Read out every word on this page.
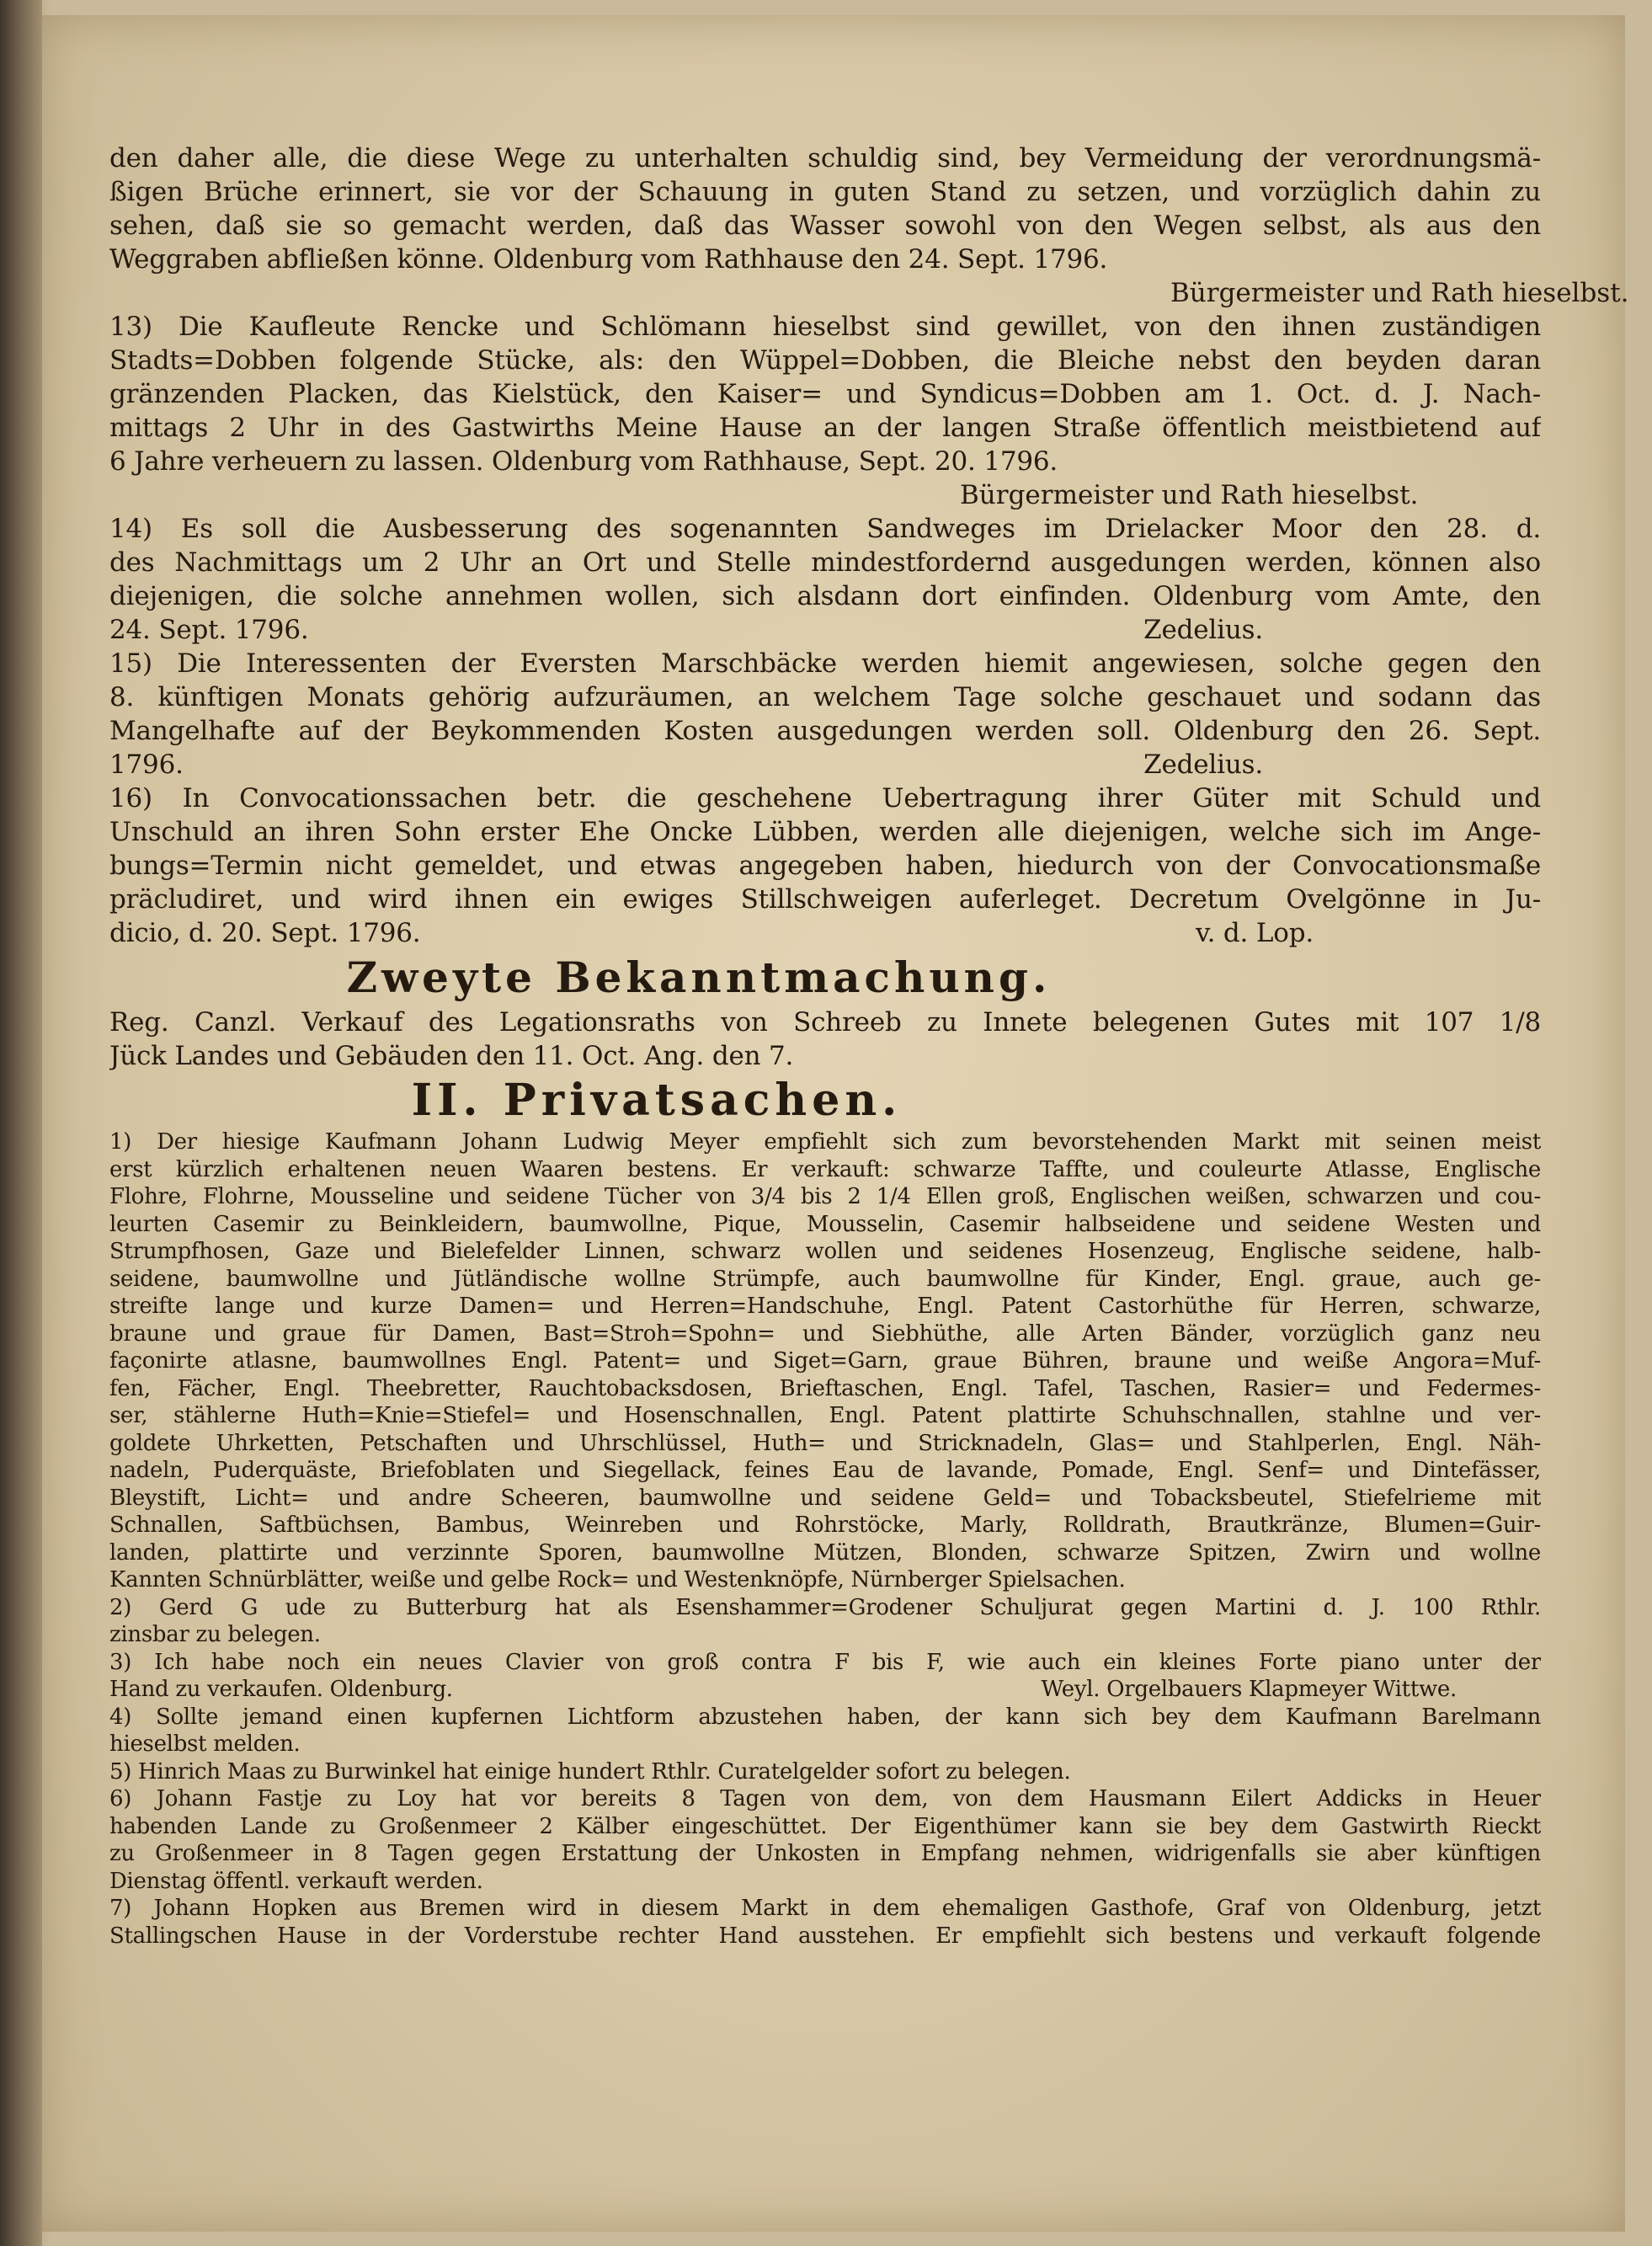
den daher alle, die diese Wege zu unterhalten schuldig sind, bey Vermeidung der verordnungsmä-
ßigen Brüche erinnert, sie vor der Schauung in guten Stand zu setzen, und vorzüglich dahin zu
sehen, daß sie so gemacht werden, daß das Wasser sowohl von den Wegen selbst, als aus den
Weggraben abfließen könne. Oldenburg vom Rathhause den 24. Sept. 1796.
Bürgermeister und Rath hieselbst.
13) Die Kaufleute Rencke und Schlömann hieselbst sind gewillet, von den ihnen zuständigen
Stadts=Dobben folgende Stücke, als: den Wüppel=Dobben, die Bleiche nebst den beyden daran
gränzenden Placken, das Kielstück, den Kaiser= und Syndicus=Dobben am 1. Oct. d. J. Nach-
mittags 2 Uhr in des Gastwirths Meine Hause an der langen Straße öffentlich meistbietend auf
6 Jahre verheuern zu lassen. Oldenburg vom Rathhause, Sept. 20. 1796.
Bürgermeister und Rath hieselbst.
14) Es soll die Ausbesserung des sogenannten Sandweges im Drielacker Moor den 28. d.
des Nachmittags um 2 Uhr an Ort und Stelle mindestfordernd ausgedungen werden, können also
diejenigen, die solche annehmen wollen, sich alsdann dort einfinden. Oldenburg vom Amte, den
24. Sept. 1796.	Zedelius.
15) Die Interessenten der Eversten Marschbäcke werden hiemit angewiesen, solche gegen den
8. künftigen Monats gehörig aufzuräumen, an welchem Tage solche geschauet und sodann das
Mangelhafte auf der Beykommenden Kosten ausgedungen werden soll. Oldenburg den 26. Sept.
1796.	Zedelius.
16) In Convocationssachen betr. die geschehene Uebertragung ihrer Güter mit Schuld und
Unschuld an ihren Sohn erster Ehe Oncke Lübben, werden alle diejenigen, welche sich im Ange-
bungs=Termin nicht gemeldet, und etwas angegeben haben, hiedurch von der Convocationsmaße
präcludiret, und wird ihnen ein ewiges Stillschweigen auferleget. Decretum Ovelgönne in Ju-
dicio, d. 20. Sept. 1796.	v. d. Lop.
Zweyte Bekanntmachung.
Reg. Canzl. Verkauf des Legationsraths von Schreeb zu Innete belegenen Gutes mit 107 1/8
Jück Landes und Gebäuden den 11. Oct. Ang. den 7.
II. Privatsachen.
1) Der hiesige Kaufmann Johann Ludwig Meyer empfiehlt sich zum bevorstehenden Markt mit seinen meist
erst kürzlich erhaltenen neuen Waaren bestens. Er verkauft: schwarze Taffte, und couleurte Atlasse, Englische
Flohre, Flohrne, Mousseline und seidene Tücher von 3/4 bis 2 1/4 Ellen groß, Englischen weißen, schwarzen und cou-
leurten Casemir zu Beinkleidern, baumwollne, Pique, Mousselin, Casemir halbseidene und seidene Westen und
Strumpfhosen, Gaze und Bielefelder Linnen, schwarz wollen und seidenes Hosenzeug, Englische seidene, halb-
seidene, baumwollne und Jütländische wollne Strümpfe, auch baumwollne für Kinder, Engl. graue, auch ge-
streifte lange und kurze Damen= und Herren=Handschuhe, Engl. Patent Castorhüthe für Herren, schwarze,
braune und graue für Damen, Bast=Stroh=Spohn= und Siebhüthe, alle Arten Bänder, vorzüglich ganz neu
façonirte atlasne, baumwollnes Engl. Patent= und Siget=Garn, graue Bühren, braune und weiße Angora=Muf-
fen, Fächer, Engl. Theebretter, Rauchtobacksdosen, Brieftaschen, Engl. Tafel, Taschen, Rasier= und Federmes-
ser, stählerne Huth=Knie=Stiefel= und Hosenschnallen, Engl. Patent plattirte Schuhschnallen, stahlne und ver-
goldete Uhrketten, Petschaften und Uhrschlüssel, Huth= und Stricknadeln, Glas= und Stahlperlen, Engl. Näh-
nadeln, Puderquäste, Briefoblaten und Siegellack, feines Eau de lavande, Pomade, Engl. Senf= und Dintefässer,
Bleystift, Licht= und andre Scheeren, baumwollne und seidene Geld= und Tobacksbeutel, Stiefelrieme mit
Schnallen, Saftbüchsen, Bambus, Weinreben und Rohrstöcke, Marly, Rolldrath, Brautkränze, Blumen=Guir-
landen, plattirte und verzinnte Sporen, baumwollne Mützen, Blonden, schwarze Spitzen, Zwirn und wollne
Kannten Schnürblätter, weiße und gelbe Rock= und Westenknöpfe, Nürnberger Spielsachen.
2) Gerd G ude zu Butterburg hat als Esenshammer=Grodener Schuljurat gegen Martini d. J. 100 Rthlr.
zinsbar zu belegen.
3) Ich habe noch ein neues Clavier von groß contra F bis F, wie auch ein kleines Forte piano unter der
Hand zu verkaufen. Oldenburg.	Weyl. Orgelbauers Klapmeyer Wittwe.
4) Sollte jemand einen kupfernen Lichtform abzustehen haben, der kann sich bey dem Kaufmann Barelmann
hieselbst melden.
5) Hinrich Maas zu Burwinkel hat einige hundert Rthlr. Curatelgelder sofort zu belegen.
6) Johann Fastje zu Loy hat vor bereits 8 Tagen von dem, von dem Hausmann Eilert Addicks in Heuer
habenden Lande zu Großenmeer 2 Kälber eingeschüttet. Der Eigenthümer kann sie bey dem Gastwirth Rieckt
zu Großenmeer in 8 Tagen gegen Erstattung der Unkosten in Empfang nehmen, widrigenfalls sie aber künftigen
Dienstag öffentl. verkauft werden.
7) Johann Hopken aus Bremen wird in diesem Markt in dem ehemaligen Gasthofe, Graf von Oldenburg, jetzt
Stallingschen Hause in der Vorderstube rechter Hand ausstehen. Er empfiehlt sich bestens und verkauft folgende
